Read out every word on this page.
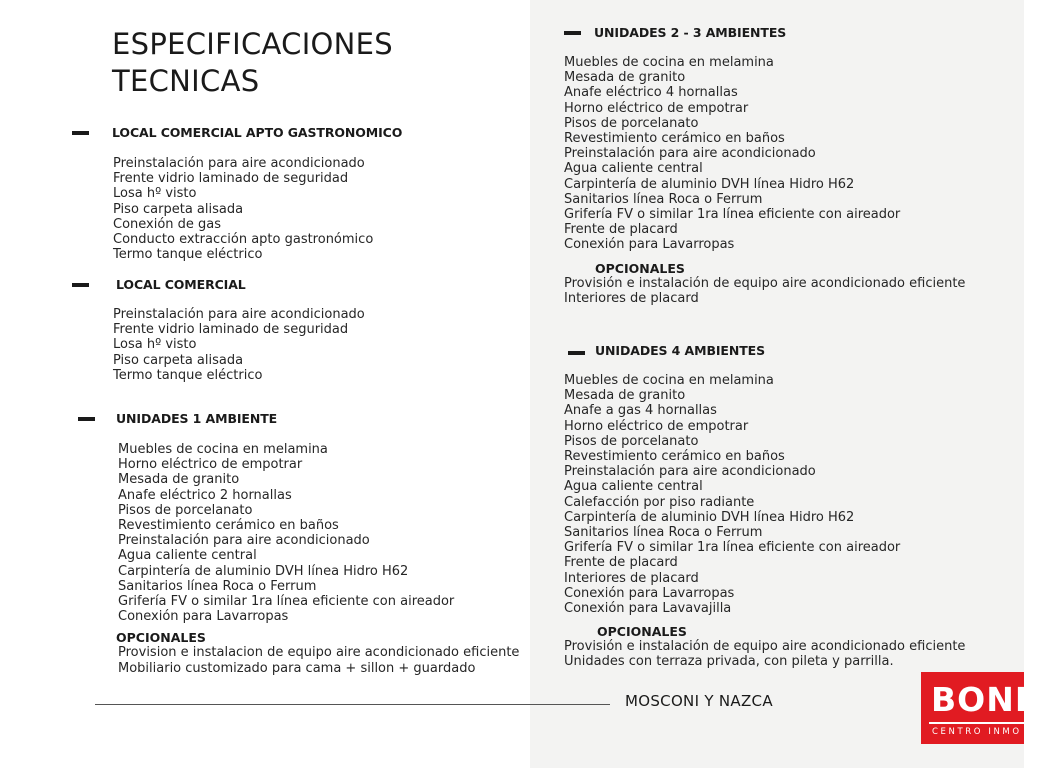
ESPECIFICACIONES
TECNICAS
LOCAL COMERCIAL APTO GASTRONOMICO
Preinstalación para aire acondicionado
Frente vidrio laminado de seguridad
Losa hº visto
Piso carpeta alisada
Conexión de gas
Conducto extracción apto gastronómico
Termo tanque eléctrico
LOCAL COMERCIAL
Preinstalación para aire acondicionado
Frente vidrio laminado de seguridad
Losa hº visto
Piso carpeta alisada
Termo tanque eléctrico
UNIDADES 1 AMBIENTE
Muebles de cocina en melamina
Horno eléctrico de empotrar
Mesada de granito
Anafe eléctrico 2 hornallas
Pisos de porcelanato
Revestimiento cerámico en baños
Preinstalación para aire acondicionado
Agua caliente central
Carpintería de aluminio DVH línea Hidro H62
Sanitarios línea Roca o Ferrum
Grifería FV o similar 1ra línea eficiente con aireador
Conexión para Lavarropas
OPCIONALES
Provision e instalacion de equipo aire acondicionado eficiente
Mobiliario customizado para cama + sillon + guardado
UNIDADES 2 - 3 AMBIENTES
Muebles de cocina en melamina
Mesada de granito
Anafe eléctrico 4 hornallas
Horno eléctrico de empotrar
Pisos de porcelanato
Revestimiento cerámico en baños
Preinstalación para aire acondicionado
Agua caliente central
Carpintería de aluminio DVH línea Hidro H62
Sanitarios línea Roca o Ferrum
Grifería FV o similar 1ra línea eficiente con aireador
Frente de placard
Conexión para Lavarropas
OPCIONALES
Provisión e instalación de equipo aire acondicionado eficiente
Interiores de placard
UNIDADES 4 AMBIENTES
Muebles de cocina en melamina
Mesada de granito
Anafe a gas 4 hornallas
Horno eléctrico de empotrar
Pisos de porcelanato
Revestimiento cerámico en baños
Preinstalación para aire acondicionado
Agua caliente central
Calefacción por piso radiante
Carpintería de aluminio DVH línea Hidro H62
Sanitarios línea Roca o Ferrum
Grifería FV o similar 1ra línea eficiente con aireador
Frente de placard
Interiores de placard
Conexión para Lavarropas
Conexión para Lavavajilla
OPCIONALES
Provisión e instalación de equipo aire acondicionado eficiente
Unidades con terraza privada, con pileta y parrilla.
MOSCONI Y NAZCA	BONIL
CENTRO INMO
